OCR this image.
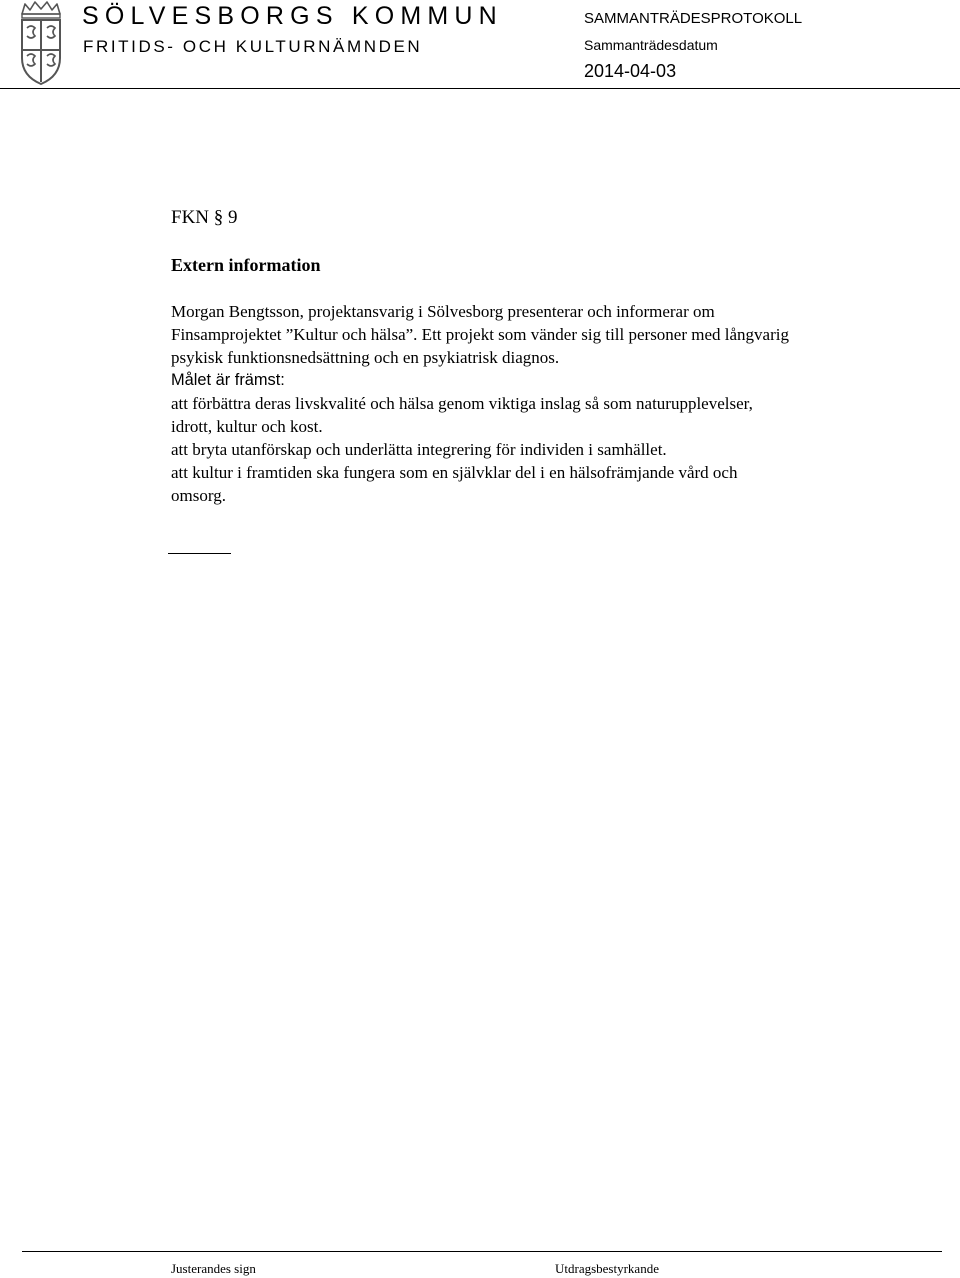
SÖLVESBORGS KOMMUN
FRITIDS- OCH KULTURNÄMNDEN
SAMMANTRÄDESPROTOKOLL
Sammanträdesdatum
2014-04-03
FKN § 9
Extern information
Morgan Bengtsson, projektansvarig i Sölvesborg presenterar och informerar om
Finsamprojektet ”Kultur och hälsa”. Ett projekt som vänder sig till personer med långvarig
psykisk funktionsnedsättning och en psykiatrisk diagnos.
Målet är främst:
att förbättra deras livskvalité och hälsa genom viktiga inslag så som naturupplevelser,
idrott, kultur och kost.
att bryta utanförskap och underlätta integrering för individen i samhället.
att kultur i framtiden ska fungera som en självklar del i en hälsofrämjande vård och
omsorg.
Justerandes sign	Utdragsbestyrkande
